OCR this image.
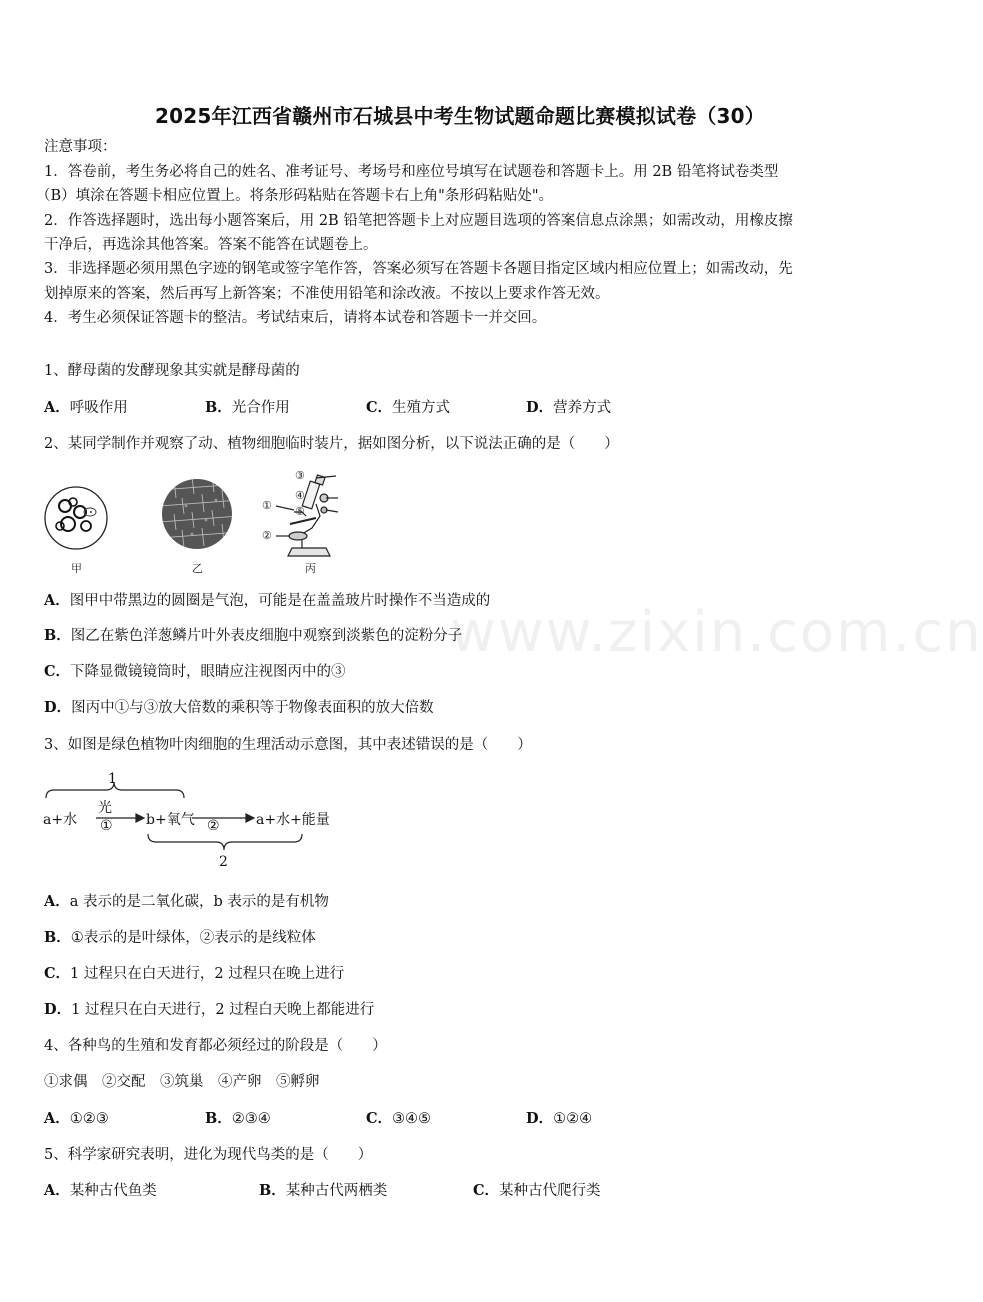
2025年江西省赣州市石城县中考生物试题命题比赛模拟试卷（30）
注意事项：
1．答卷前，考生务必将自己的姓名、准考证号、考场号和座位号填写在试题卷和答题卡上。用 2B 铅笔将试卷类型
（B）填涂在答题卡相应位置上。将条形码粘贴在答题卡右上角"条形码粘贴处"。
2．作答选择题时，选出每小题答案后，用 2B 铅笔把答题卡上对应题目选项的答案信息点涂黑；如需改动，用橡皮擦
干净后，再选涂其他答案。答案不能答在试题卷上。
3．非选择题必须用黑色字迹的钢笔或签字笔作答，答案必须写在答题卡各题目指定区域内相应位置上；如需改动，先
划掉原来的答案，然后再写上新答案；不准使用铅笔和涂改液。不按以上要求作答无效。
4．考生必须保证答题卡的整洁。考试结束后，请将本试卷和答题卡一并交回。
1、酵母菌的发酵现象其实就是酵母菌的
A．呼吸作用	B．光合作用	C．生殖方式	D．营养方式
2、某同学制作并观察了动、植物细胞临时装片，据如图分析，以下说法正确的是（　　）
③
④
⑤
①
②
甲	乙	丙
A．图甲中带黑边的圆圈是气泡，可能是在盖盖玻片时操作不当造成的
B．图乙在紫色洋葱鳞片叶外表皮细胞中观察到淡紫色的淀粉分子
C．下降显微镜镜筒时，眼睛应注视图丙中的③
D．图丙中①与③放大倍数的乘积等于物像表面积的放大倍数
www.zixin.com.cn
3、如图是绿色植物叶肉细胞的生理活动示意图，其中表述错误的是（　　）
1
a+水
光
① b+氧气 ②	a+水+能量
2
A．a 表示的是二氧化碳，b 表示的是有机物
B．①表示的是叶绿体，②表示的是线粒体
C．1 过程只在白天进行，2 过程只在晚上进行
D．1 过程只在白天进行，2 过程白天晚上都能进行
4、各种鸟的生殖和发育都必须经过的阶段是（　　）
①求偶　②交配　③筑巢　④产卵　⑤孵卵
A．①②③	B．②③④	C．③④⑤	D．①②④
5、科学家研究表明，进化为现代鸟类的是（　　）
A．某种古代鱼类	B．某种古代两栖类	C．某种古代爬行类
